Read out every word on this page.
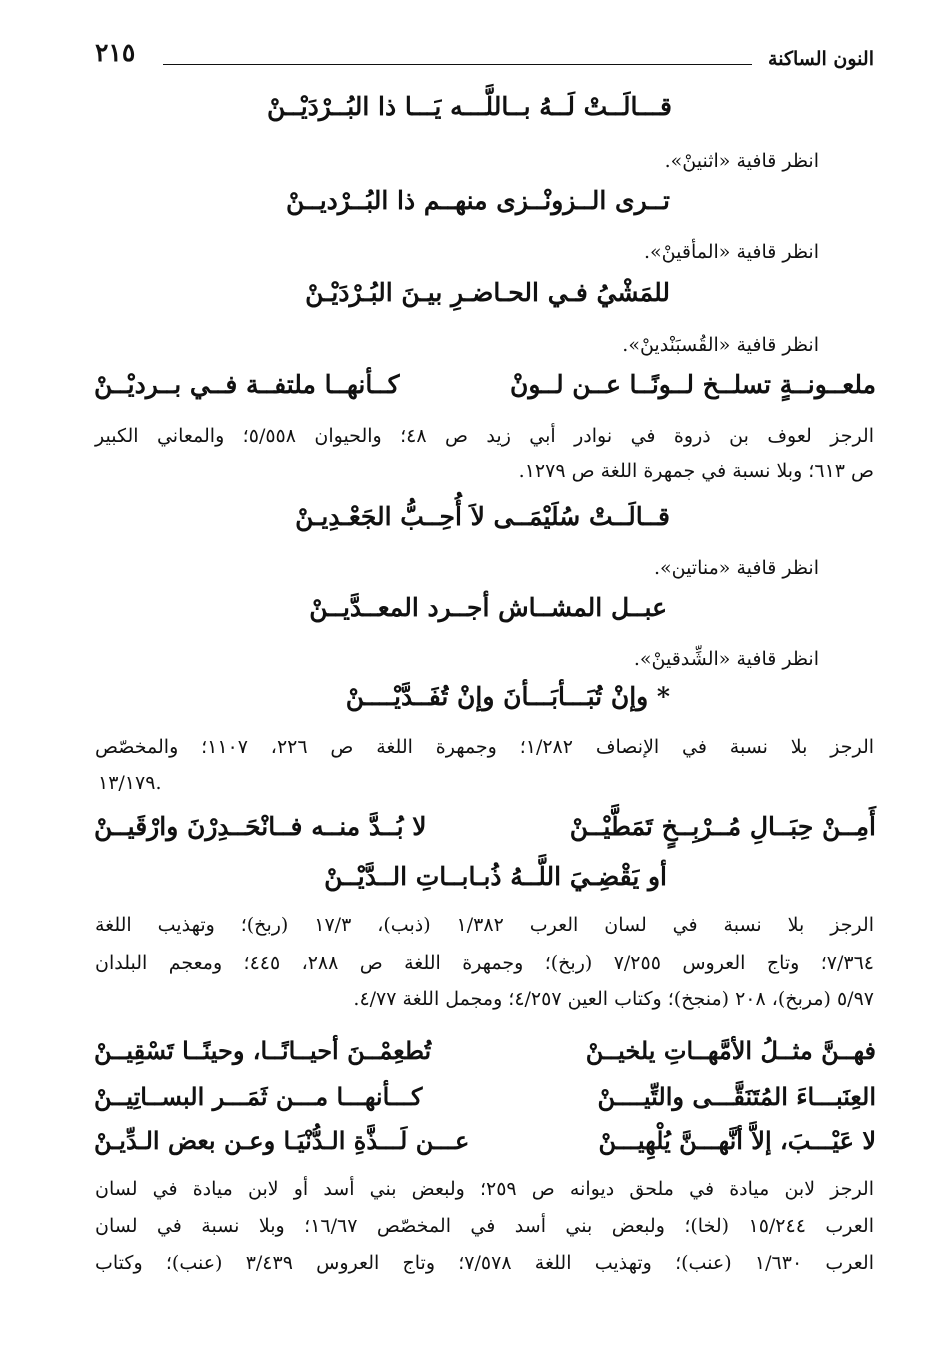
النون الساكنة
٢١٥
قـــالَــتْ لَــهُ بــاللَّـــه يَـــا ذا البُــرْدَيْــنْ
انظر قافية «اثنينْ».
تــرى الــزونْــزى منهــم ذا البُــرْديــنْ
انظر قافية «المأقينْ».
للمَشْيُ فـي الحـاضـرِ بيـنَ البُـرْدَيْـنْ
انظر قافية «القُسبَنْدينْ».
ملعــونــةٍ تسلــخ لــونًــا عــن لــونْ
كــأنهــا ملتفــة فــي بــرديْــنْ
الرجز لعوف بن ذروة في نوادر أبي زيد ص ٤٨؛ والحيوان ٥/٥٥٨؛ والمعاني الكبير
ص ٦١٣؛ وبلا نسبة في جمهرة اللغة ص ١٢٧٩.
قــالَــتْ سُلَيْمَــى لاَ أُحِــبُّ الجَعْـدِيـنْ
انظر قافية «مناتين».
عبــل المشــاش أجــرد المعــدَّيــنْ
انظر قافية «الشِّدقينْ».
* وإنْ تُبَـــأبَـــأنَ وإنْ تُفَــدَّيْــــنْ
الرجز بلا نسبة في الإنصاف ١/٢٨٢؛ وجمهرة اللغة ص ٢٢٦، ١١٠٧؛ والمخصّص
١٣/١٧٩.
أَمِــنْ حِبَــالِ مُــرْبِــخٍ تَمَطَّيْــنْ
لا بُــدَّ منــه فــانْحَــدِرْنَ وارْقَيــنْ
أو يَقْضِـيَ اللَّــهُ ذُبـابــاتِ الــدَّيْــنْ
الرجز بلا نسبة في لسان العرب ١/٣٨٢ (ذبب)، ١٧/٣ (ربخ)؛ وتهذيب اللغة
٧/٣٦٤؛ وتاج العروس ٧/٢٥٥ (ربخ)؛ وجمهرة اللغة ص ٢٨٨، ٤٤٥؛ ومعجم البلدان
٥/٩٧ (مربخ)، ٢٠٨ (منجخ)؛ وكتاب العين ٤/٢٥٧؛ ومجمل اللغة ٤/٧٧.
فهــنَّ مثــلُ الأمَّهــاتِ يلخيــنْ
تُطعِمْــنَ أحيــانًــا، وحينًــا تَسْقِيــنْ
العِنَبـــاءَ المُتَنَقَّـــى والتِّيــــنْ
كـــأنهـــا مـــن ثَمَـــر البســاتِيــنْ
لا عَيْـــبَ، إلاَّ أنَّهـــنَّ يُلْهِيـــنْ
عـــن لَـــذَّةِ الـدُّنْيَـا وعـن بعض الـدِّيـنْ
الرجز لابن ميادة في ملحق ديوانه ص ٢٥٩؛ ولبعض بني أسد أو لابن ميادة في لسان
العرب ١٥/٢٤٤ (لخا)؛ ولبعض بني أسد في المخصّص ١٦/٦٧؛ وبلا نسبة في لسان
العرب ١/٦٣٠ (عنب)؛ وتهذيب اللغة ٧/٥٧٨؛ وتاج العروس ٣/٤٣٩ (عنب)؛ وكتاب
